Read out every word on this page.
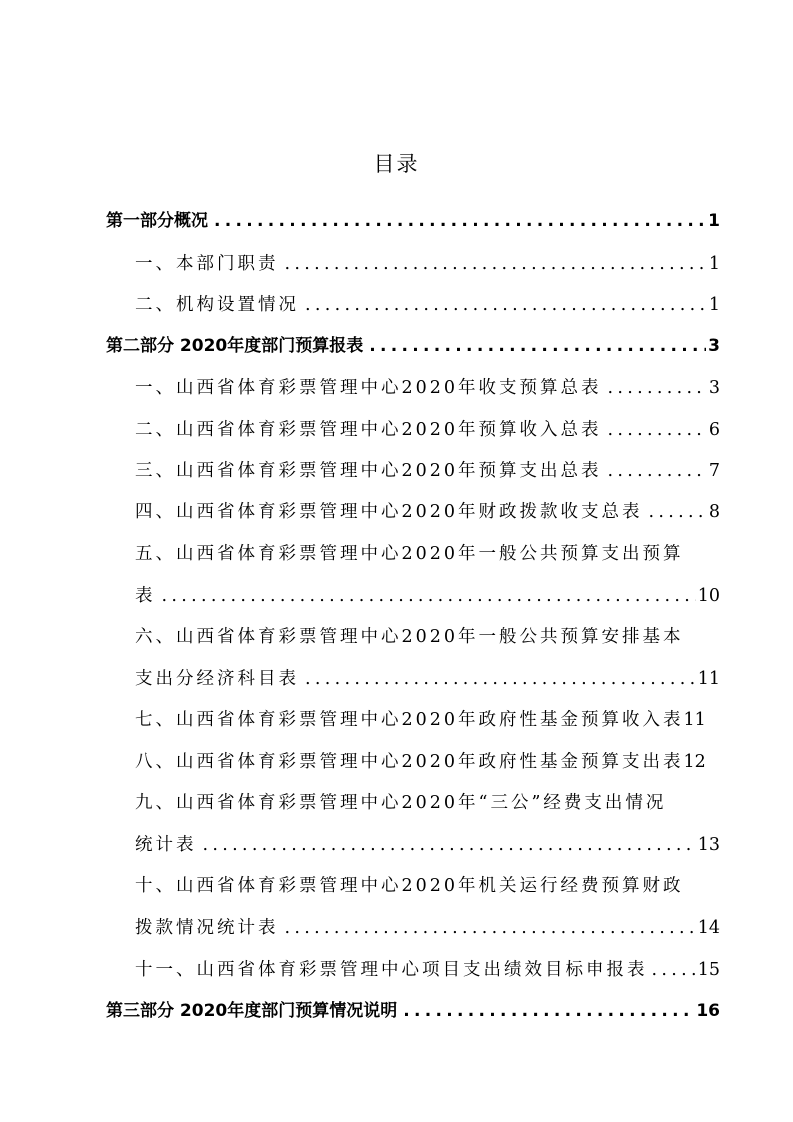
目录
第一部分概况 .....	1
一、本部门职责 .....	1
二、机构设置情况 .....	1
第二部分 2020年度部门预算报表 .....	3
一、山西省体育彩票管理中心2020年收支预算总表 .....	3
二、山西省体育彩票管理中心2020年预算收入总表 .....	6
三、山西省体育彩票管理中心2020年预算支出总表 .....	7
四、山西省体育彩票管理中心2020年财政拨款收支总表 .....	8
五、山西省体育彩票管理中心2020年一般公共预算支出预算
表 .....	10
六、山西省体育彩票管理中心2020年一般公共预算安排基本
支出分经济科目表 .....	11
七、山西省体育彩票管理中心2020年政府性基金预算收入表 11
八、山西省体育彩票管理中心2020年政府性基金预算支出表 12
九、山西省体育彩票管理中心2020年“三公”经费支出情况
统计表 .....	13
十、山西省体育彩票管理中心2020年机关运行经费预算财政
拨款情况统计表 .....	14
十一、山西省体育彩票管理中心项目支出绩效目标申报表 .....	15
第三部分 2020年度部门预算情况说明 .....	16
